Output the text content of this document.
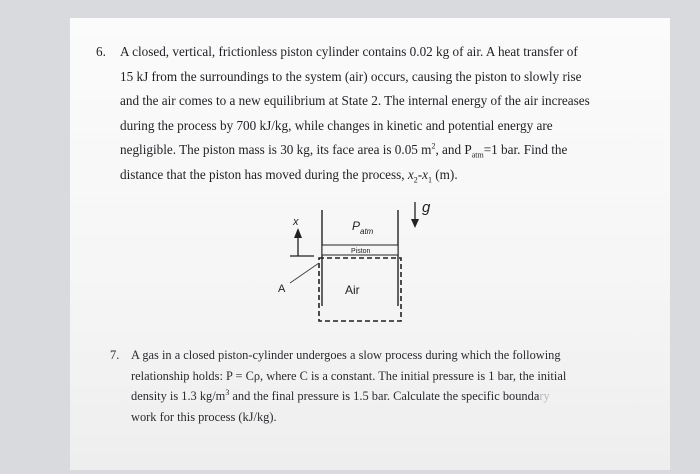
6. A closed, vertical, frictionless piston cylinder contains 0.02 kg of air. A heat transfer of
15 kJ from the surroundings to the system (air) occurs, causing the piston to slowly rise
and the air comes to a new equilibrium at State 2. The internal energy of the air increases
during the process by 700 kJ/kg, while changes in kinetic and potential energy are
negligible. The piston mass is 30 kg, its face area is 0.05 $m^2$, and $P_{atm}=1$ bar. Find the
distance that the piston has moved during the process, $x_2-x_1$ (m).
x	P atm
Piston
g
A	Air
7. A gas in a closed piston-cylinder undergoes a slow process during which the following
relationship holds: P = Cρ, where C is a constant. The initial pressure is 1 bar, the initial
density is 1.3 $kg/m^3$ and the final pressure is 1.5 bar. Calculate the specific boundary
work for this process (kJ/kg).
